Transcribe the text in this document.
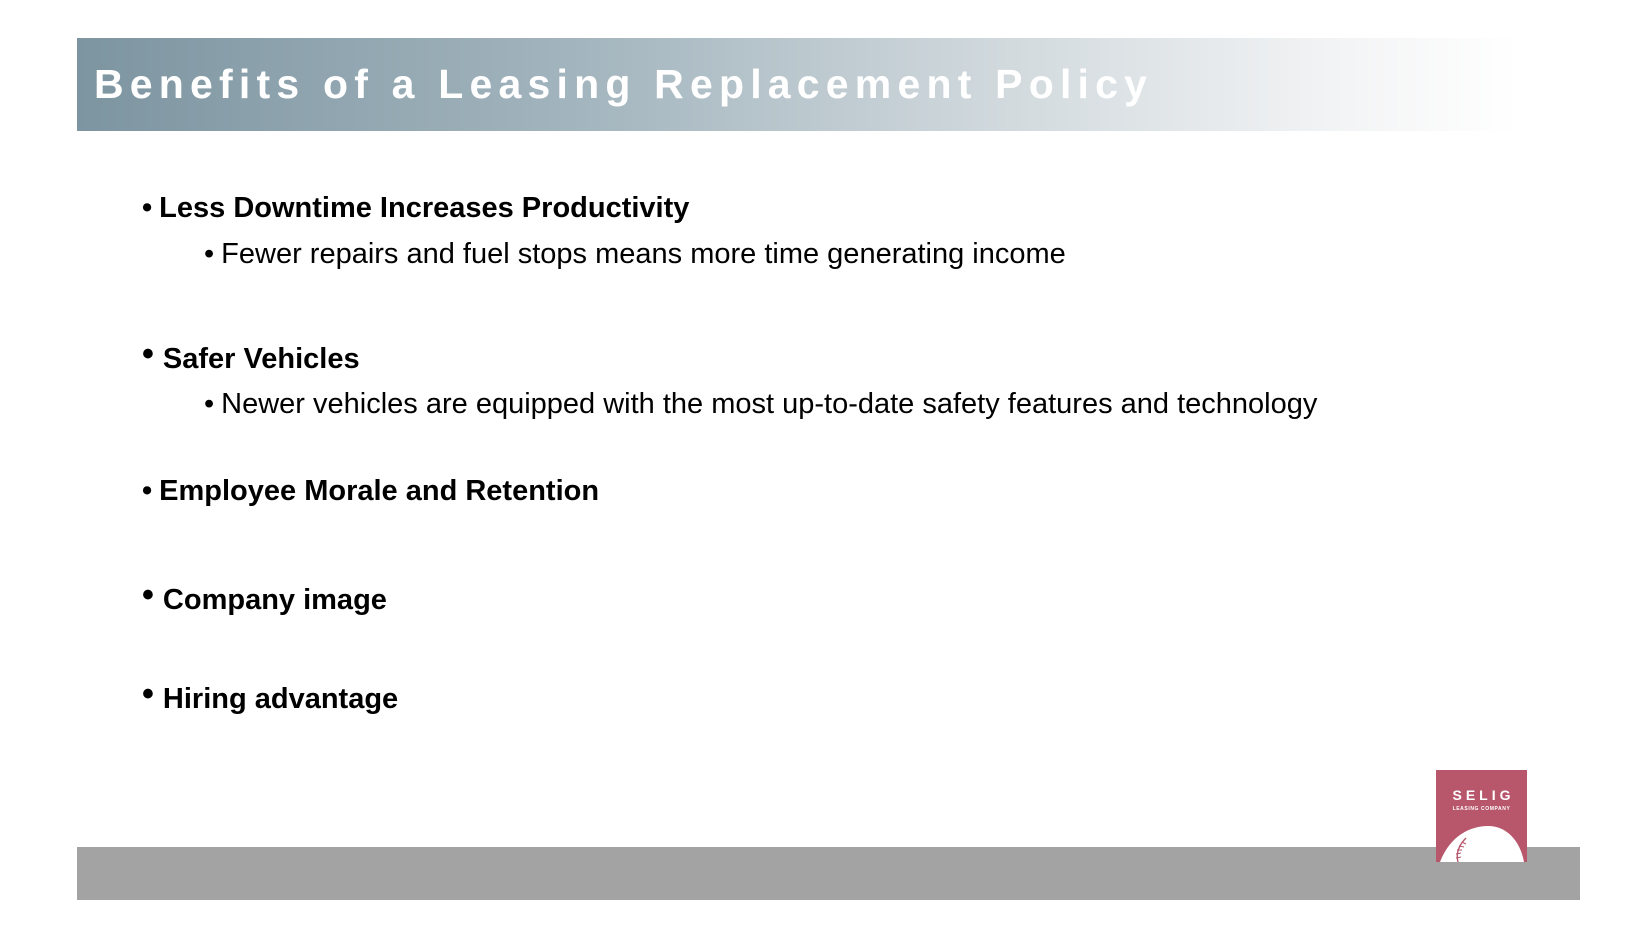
Benefits of a Leasing Replacement Policy
• Less Downtime Increases Productivity
• Fewer repairs and fuel stops means more time generating income
• Safer Vehicles
• Newer vehicles are equipped with the most up-to-date safety features and technology
• Employee Morale and Retention
• Company image
• Hiring advantage
SELIG
LEASING COMPANY
